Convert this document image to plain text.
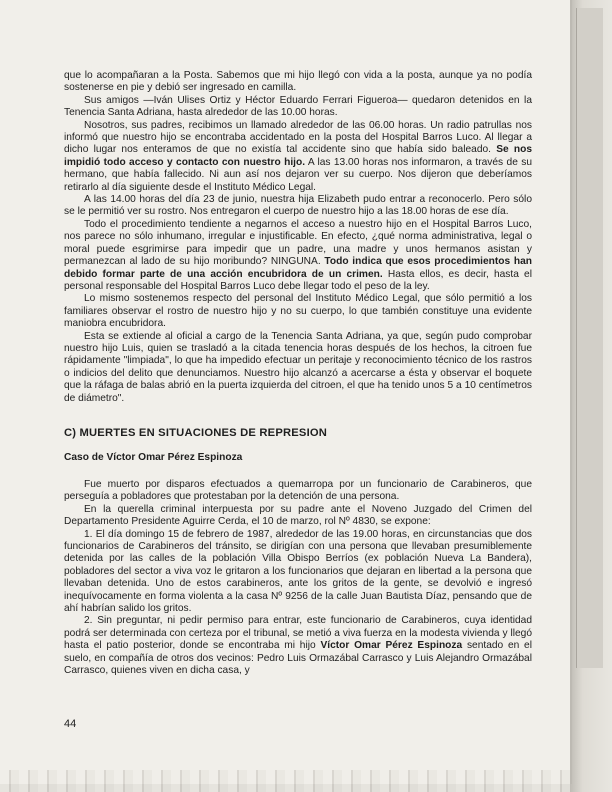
que lo acompañaran a la Posta. Sabemos que mi hijo llegó con vida a la posta, aunque ya no podía sostenerse en pie y debió ser ingresado en camilla.

Sus amigos —Iván Ulises Ortiz y Héctor Eduardo Ferrari Figueroa— quedaron detenidos en la Tenencia Santa Adriana, hasta alrededor de las 10.00 horas.

Nosotros, sus padres, recibimos un llamado alrededor de las 06.00 horas. Un radio patrullas nos informó que nuestro hijo se encontraba accidentado en la posta del Hospital Barros Luco. Al llegar a dicho lugar nos enteramos de que no existía tal accidente sino que había sido baleado. Se nos impidió todo acceso y contacto con nuestro hijo. A las 13.00 horas nos informaron, a través de su hermano, que había fallecido. Ni aun así nos dejaron ver su cuerpo. Nos dijeron que deberíamos retirarlo al día siguiente desde el Instituto Médico Legal.

A las 14.00 horas del día 23 de junio, nuestra hija Elizabeth pudo entrar a reconocerlo. Pero sólo se le permitió ver su rostro. Nos entregaron el cuerpo de nuestro hijo a las 18.00 horas de ese día.

Todo el procedimiento tendiente a negarnos el acceso a nuestro hijo en el Hospital Barros Luco, nos parece no sólo inhumano, irregular e injustificable. En efecto, ¿qué norma administrativa, legal o moral puede esgrimirse para impedir que un padre, una madre y unos hermanos asistan y permanezcan al lado de su hijo moribundo? NINGUNA. Todo indica que esos procedimientos han debido formar parte de una acción encubridora de un crimen. Hasta ellos, es decir, hasta el personal responsable del Hospital Barros Luco debe llegar todo el peso de la ley.

Lo mismo sostenemos respecto del personal del Instituto Médico Legal, que sólo permitió a los familiares observar el rostro de nuestro hijo y no su cuerpo, lo que también constituye una evidente maniobra encubridora.

Esta se extiende al oficial a cargo de la Tenencia Santa Adriana, ya que, según pudo comprobar nuestro hijo Luis, quien se trasladó a la citada tenencia horas después de los hechos, la citroen fue rápidamente "limpiada", lo que ha impedido efectuar un peritaje y reconocimiento técnico de los rastros o indicios del delito que denunciamos. Nuestro hijo alcanzó a acercarse a ésta y observar el boquete que la ráfaga de balas abrió en la puerta izquierda del citroen, el que ha tenido unos 5 a 10 centímetros de diámetro".

C) MUERTES EN SITUACIONES DE REPRESION
Caso de Víctor Omar Pérez Espinoza

Fue muerto por disparos efectuados a quemarropa por un funcionario de Carabineros, que perseguía a pobladores que protestaban por la detención de una persona.

En la querella criminal interpuesta por su padre ante el Noveno Juzgado del Crimen del Departamento Presidente Aguirre Cerda, el 10 de marzo, rol Nº 4830, se expone:

1. El día domingo 15 de febrero de 1987, alrededor de las 19.00 horas, en circunstancias que dos funcionarios de Carabineros del tránsito, se dirigían con una persona que llevaban presumiblemente detenida por las calles de la población Villa Obispo Berríos (ex población Nueva La Bandera), pobladores del sector a viva voz le gritaron a los funcionarios que dejaran en libertad a la persona que llevaban detenida. Uno de estos carabineros, ante los gritos de la gente, se devolvió e ingresó inequívocamente en forma violenta a la casa Nº 9256 de la calle Juan Bautista Díaz, pensando que de ahí habrían salido los gritos.

2. Sin preguntar, ni pedir permiso para entrar, este funcionario de Carabineros, cuya identidad podrá ser determinada con certeza por el tribunal, se metió a viva fuerza en la modesta vivienda y llegó hasta el patio posterior, donde se encontraba mi hijo Víctor Omar Pérez Espinoza sentado en el suelo, en compañía de otros dos vecinos: Pedro Luis Ormazábal Carrasco y Luis Alejandro Ormazábal Carrasco, quienes viven en dicha casa, y

44
